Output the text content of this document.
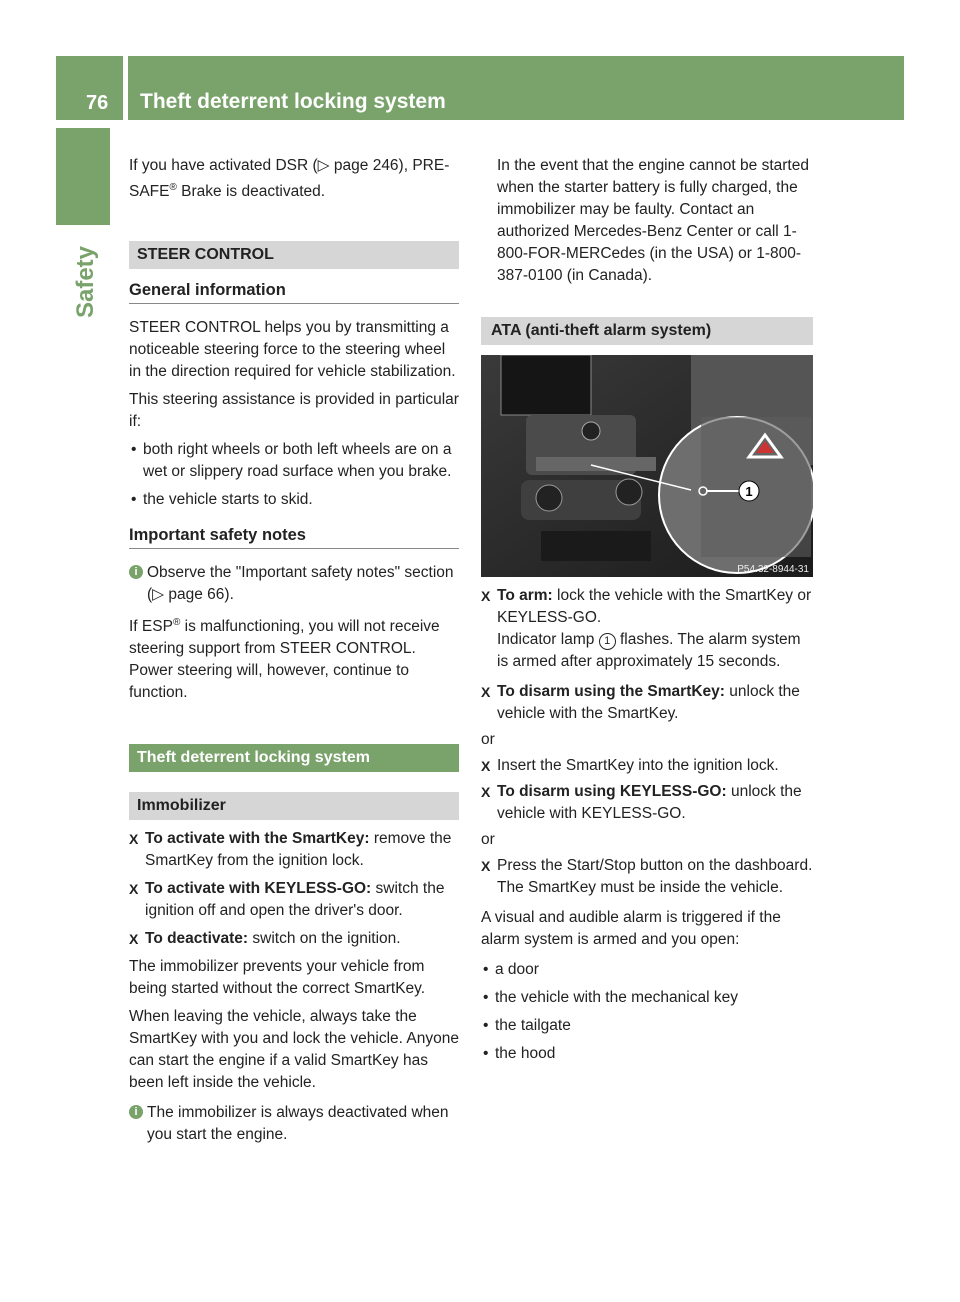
76 Theft deterrent locking system
Safety

If you have activated DSR (▷ page 246), PRE-
SAFE® Brake is deactivated.

STEER CONTROL
General information

STEER CONTROL helps you by transmitting a noticeable steering force to the steering wheel in the direction required for vehicle stabilization.

This steering assistance is provided in particular if:

• both right wheels or both left wheels are on a wet or slippery road surface when you brake.
• the vehicle starts to skid.
Important safety notes
i Observe the "Important safety notes" section (▷ page 66).

If ESP® is malfunctioning, you will not receive steering support from STEER CONTROL. Power steering will, however, continue to function.

Theft deterrent locking system
Immobilizer
X To activate with the SmartKey: remove the SmartKey from the ignition lock.
X To activate with KEYLESS-GO: switch the ignition off and open the driver's door.
X To deactivate: switch on the ignition.

The immobilizer prevents your vehicle from being started without the correct SmartKey.

When leaving the vehicle, always take the SmartKey with you and lock the vehicle. Anyone can start the engine if a valid SmartKey has been left inside the vehicle.

i The immobilizer is always deactivated when you start the engine.

In the event that the engine cannot be started when the starter battery is fully charged, the immobilizer may be faulty. Contact an authorized Mercedes-Benz Center or call 1-800-FOR-MERCedes (in the USA) or 1-800-387-0100 (in Canada).

ATA (anti-theft alarm system)
1
P54.32-8944-31
X To arm: lock the vehicle with the SmartKey or KEYLESS-GO.
Indicator lamp 1 flashes. The alarm system is armed after approximately 15 seconds.
X To disarm using the SmartKey: unlock the vehicle with the SmartKey.

or

X Insert the SmartKey into the ignition lock.
X To disarm using KEYLESS-GO: unlock the vehicle with KEYLESS-GO.

or

X Press the Start/Stop button on the dashboard. The SmartKey must be inside the vehicle.

A visual and audible alarm is triggered if the alarm system is armed and you open:

• a door
• the vehicle with the mechanical key
• the tailgate
• the hood
